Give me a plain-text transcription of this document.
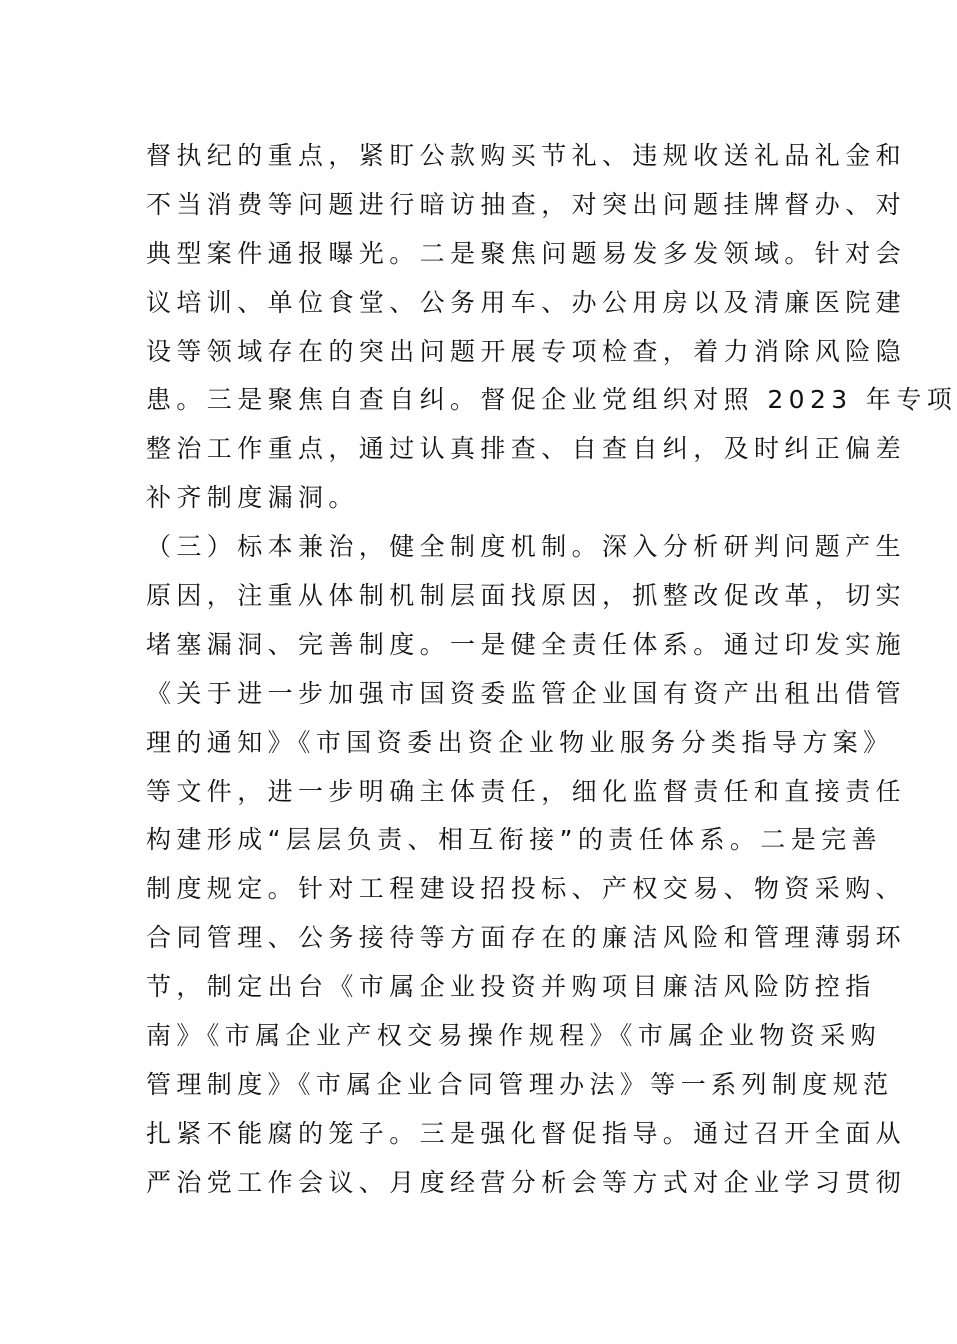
督执纪的重点，紧盯公款购买节礼、违规收送礼品礼金和
不当消费等问题进行暗访抽查，对突出问题挂牌督办、对
典型案件通报曝光。二是聚焦问题易发多发领域。针对会
议培训、单位食堂、公务用车、办公用房以及清廉医院建
设等领域存在的突出问题开展专项检查，着力消除风险隐
患。三是聚焦自查自纠。督促企业党组织对照 2023 年专项
整治工作重点，通过认真排查、自查自纠，及时纠正偏差
补齐制度漏洞。
（三）标本兼治，健全制度机制。深入分析研判问题产生
原因，注重从体制机制层面找原因，抓整改促改革，切实
堵塞漏洞、完善制度。一是健全责任体系。通过印发实施
《关于进一步加强市国资委监管企业国有资产出租出借管
理的通知》《市国资委出资企业物业服务分类指导方案》
等文件，进一步明确主体责任，细化监督责任和直接责任
构建形成“层层负责、相互衔接”的责任体系。二是完善
制度规定。针对工程建设招投标、产权交易、物资采购、
合同管理、公务接待等方面存在的廉洁风险和管理薄弱环
节，制定出台《市属企业投资并购项目廉洁风险防控指
南》《市属企业产权交易操作规程》《市属企业物资采购
管理制度》《市属企业合同管理办法》等一系列制度规范
扎紧不能腐的笼子。三是强化督促指导。通过召开全面从
严治党工作会议、月度经营分析会等方式对企业学习贯彻
